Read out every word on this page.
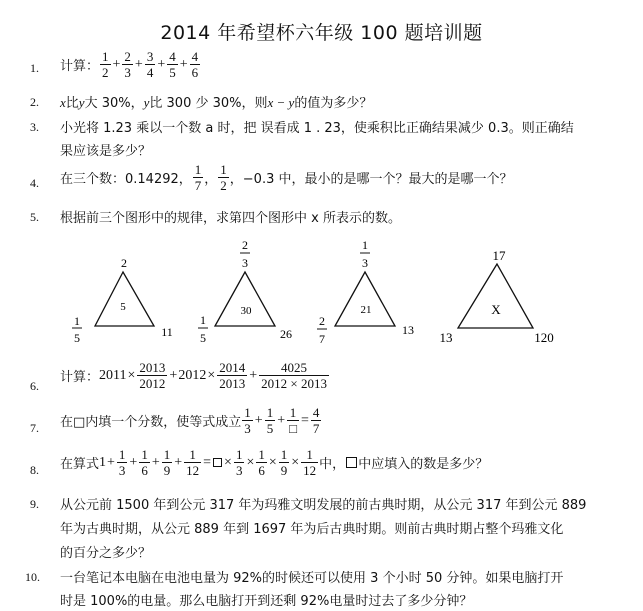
2014 年希望杯六年级 100 题培训题
1. 计算： $\frac{1}{2} + \frac{2}{3} + \frac{3}{4} + \frac{4}{5} + \frac{4}{6}$
2. x比y大 30%，y比 300 少 30%，则x − y的值为多少？
3. 小光将 1.23 乘以一个数 a 时，把 误看成 1 . 23，使乘积比正确结果减少 0.3。则正确结
果应该是多少？
4. 在三个数：0.14292， $\frac{1}{7}$ ， $\frac{1}{2}$ ，−0.3 中，最小的是哪一个？最大的是哪一个？
5. 根据前三个图形中的规律，求第四个图形中 x 所表示的数。
2
5
1
5	11
2
3
30
1
5	26
1
3
21
2
7
13
17
X
13	120
6.
计算： $2011 \times \frac{2013}{2012} + 2012 \times \frac{2014}{2013} + \frac{4025}{2012 \times 2013}$
7. 在□内填一个分数，使等式成立 $\frac{1}{3} + \frac{1}{5} + \frac{1}{□} = \frac{4}{7}$
8. 在算式 $1 + \frac{1}{3} + \frac{1}{6} + \frac{1}{9} + \frac{1}{12}$ = × $\frac{1}{3} \times \frac{1}{6} \times \frac{1}{9} \times \frac{1}{12}$ 中， 中应填入的数是多少？
9. 从公元前 1500 年到公元 317 年为玛雅文明发展的前古典时期，从公元 317 年到公元 889
年为古典时期，从公元 889 年到 1697 年为后古典时期。则前古典时期占整个玛雅文化
的百分之多少？
10. 一台笔记本电脑在电池电量为 92%的时候还可以使用 3 个小时 50 分钟。如果电脑打开
时是 100%的电量。那么电脑打开到还剩 92%电量时过去了多少分钟？
